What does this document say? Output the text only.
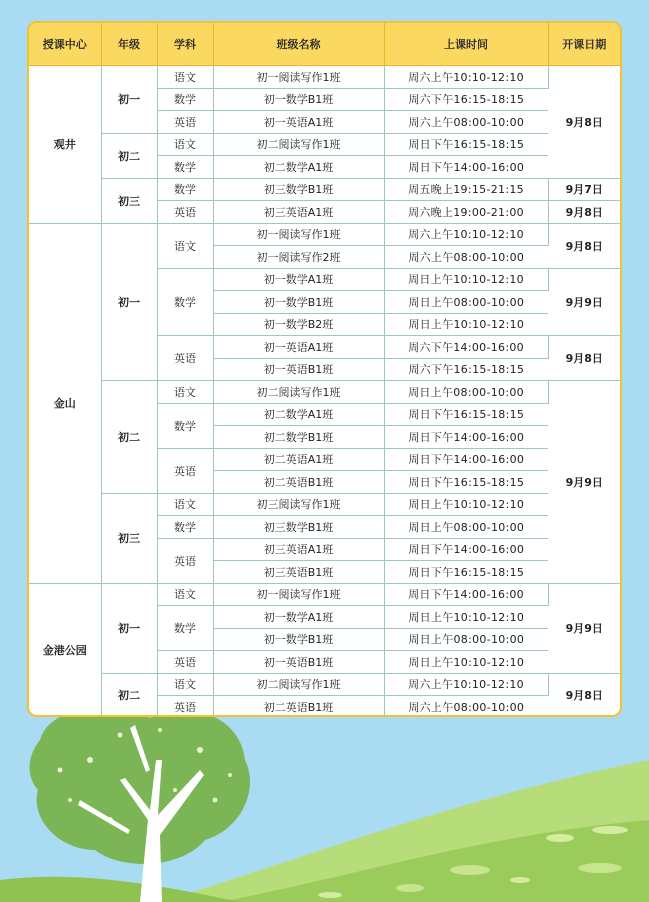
授课中心	年级	学科	班级名称	上课时间	开课日期
观井	初一	语文	初一阅读写作1班	周六上午10:10-12:10	9月8日
		数学	初一数学B1班	周六下午16:15-18:15	
		英语	初一英语A1班	周六上午08:00-10:00	
	初二	语文	初二阅读写作1班	周日下午16:15-18:15	
		数学	初二数学A1班	周日下午14:00-16:00	
	初三	数学	初三数学B1班	周五晚上19:15-21:15	9月7日
		英语	初三英语A1班	周六晚上19:00-21:00	9月8日
金山	初一	语文	初一阅读写作1班	周六上午10:10-12:10	9月8日
			初一阅读写作2班	周六上午08:00-10:00	
		数学	初一数学A1班	周日上午10:10-12:10	9月9日
			初一数学B1班	周日上午08:00-10:00	
			初一数学B2班	周日上午10:10-12:10	
		英语	初一英语A1班	周六下午14:00-16:00	9月8日
			初一英语B1班	周六下午16:15-18:15	
	初二	语文	初二阅读写作1班	周日上午08:00-10:00	9月9日
		数学	初二数学A1班	周日下午16:15-18:15	
			初二数学B1班	周日下午14:00-16:00	
		英语	初二英语A1班	周日下午14:00-16:00	
			初二英语B1班	周日下午16:15-18:15	
	初三	语文	初三阅读写作1班	周日上午10:10-12:10	
		数学	初三数学B1班	周日上午08:00-10:00	
		英语	初三英语A1班	周日下午14:00-16:00	
			初三英语B1班	周日下午16:15-18:15	
金港公园	初一	语文	初一阅读写作1班	周日下午14:00-16:00	9月9日
		数学	初一数学A1班	周日上午10:10-12:10	
			初一数学B1班	周日上午08:00-10:00	
		英语	初一英语B1班	周日上午10:10-12:10	
	初二	语文	初二阅读写作1班	周六上午10:10-12:10	9月8日
		英语	初二英语B1班	周六上午08:00-10:00	
